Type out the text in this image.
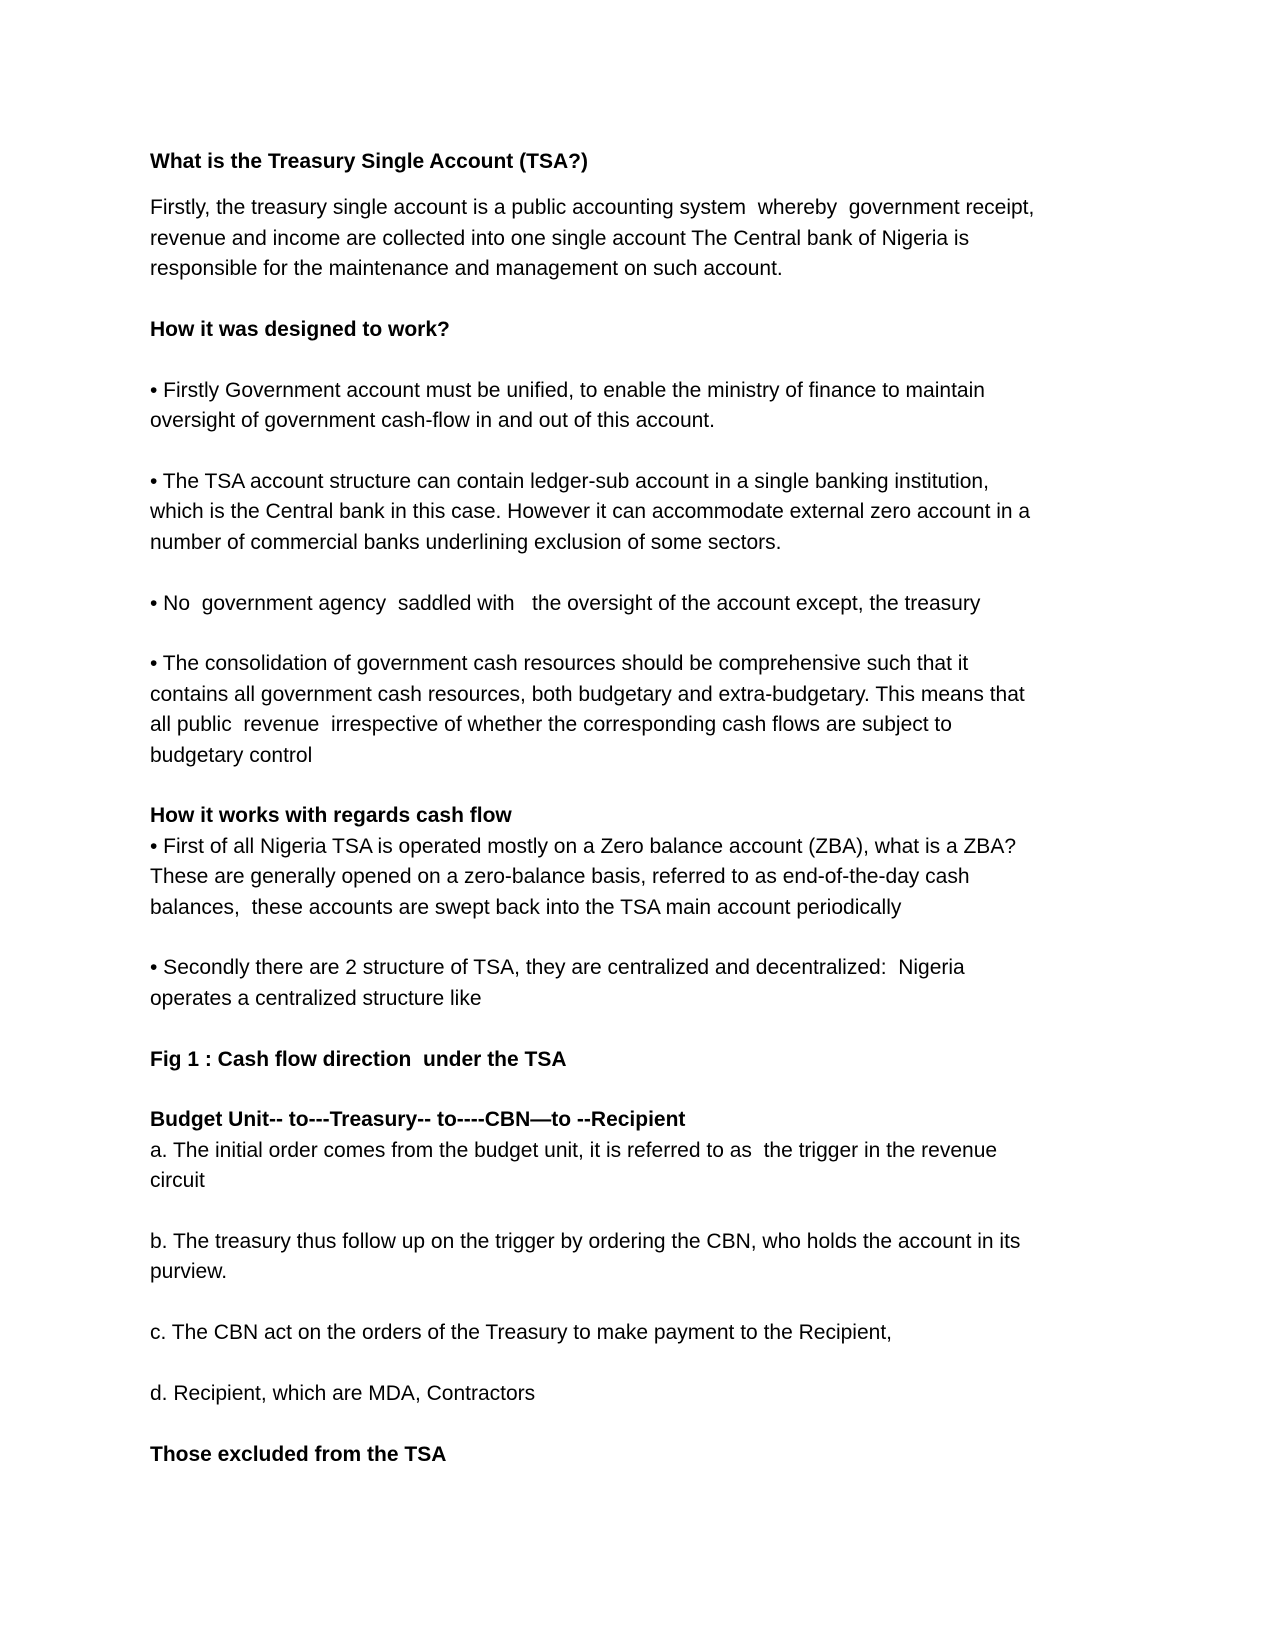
What is the Treasury Single Account (TSA?)

Firstly, the treasury single account is a public accounting system  whereby  government receipt,

revenue and income are collected into one single account The Central bank of Nigeria is

responsible for the maintenance and management on such account.

How it was designed to work?

• Firstly Government account must be unified, to enable the ministry of finance to maintain

oversight of government cash-flow in and out of this account.

• The TSA account structure can contain ledger-sub account in a single banking institution,

which is the Central bank in this case. However it can accommodate external zero account in a

number of commercial banks underlining exclusion of some sectors.

• No  government agency  saddled with   the oversight of the account except, the treasury

• The consolidation of government cash resources should be comprehensive such that it

contains all government cash resources, both budgetary and extra-budgetary. This means that

all public  revenue  irrespective of whether the corresponding cash flows are subject to

budgetary control

How it works with regards cash flow

• First of all Nigeria TSA is operated mostly on a Zero balance account (ZBA), what is a ZBA?

These are generally opened on a zero-balance basis, referred to as end-of-the-day cash

balances,  these accounts are swept back into the TSA main account periodically

• Secondly there are 2 structure of TSA, they are centralized and decentralized:  Nigeria

operates a centralized structure like

Fig 1 : Cash flow direction  under the TSA

Budget Unit-- to---Treasury-- to----CBN—to --Recipient

a. The initial order comes from the budget unit, it is referred to as  the trigger in the revenue

circuit

b. The treasury thus follow up on the trigger by ordering the CBN, who holds the account in its

purview.

c. The CBN act on the orders of the Treasury to make payment to the Recipient,

d. Recipient, which are MDA, Contractors

Those excluded from the TSA
